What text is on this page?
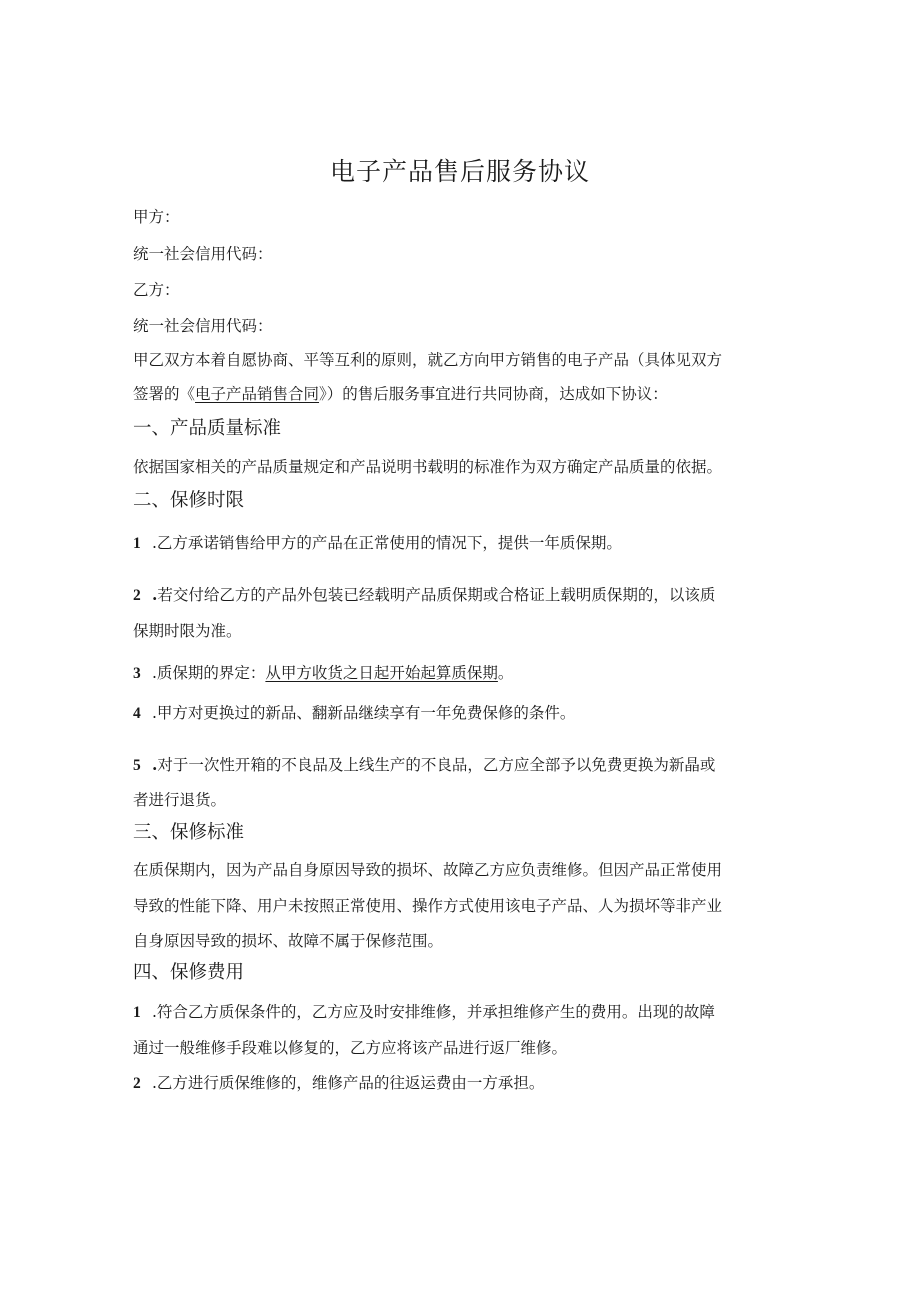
电子产品售后服务协议
甲方：
统一社会信用代码：
乙方：
统一社会信用代码：
甲乙双方本着自愿协商、平等互利的原则，就乙方向甲方销售的电子产品（具体见双方
签署的《电子产品销售合同》）的售后服务事宜进行共同协商，达成如下协议：
一、产品质量标准
依据国家相关的产品质量规定和产品说明书载明的标准作为双方确定产品质量的依据。
二、保修时限
1 .乙方承诺销售给甲方的产品在正常使用的情况下，提供一年质保期。
2 .若交付给乙方的产品外包装已经载明产品质保期或合格证上载明质保期的，以该质
保期时限为准。
3 .质保期的界定：从甲方收货之日起开始起算质保期。
4 .甲方对更换过的新品、翻新品继续享有一年免费保修的条件。
5 .对于一次性开箱的不良品及上线生产的不良品，乙方应全部予以免费更换为新晶或
者进行退货。
三、保修标准
在质保期内，因为产品自身原因导致的损坏、故障乙方应负责维修。但因产品正常使用
导致的性能下降、用户未按照正常使用、操作方式使用该电子产品、人为损坏等非产业
自身原因导致的损坏、故障不属于保修范围。
四、保修费用
1 .符合乙方质保条件的，乙方应及时安排维修，并承担维修产生的费用。出现的故障
通过一般维修手段难以修复的，乙方应将该产品进行返厂维修。
2 .乙方进行质保维修的，维修产品的往返运费由一方承担。
